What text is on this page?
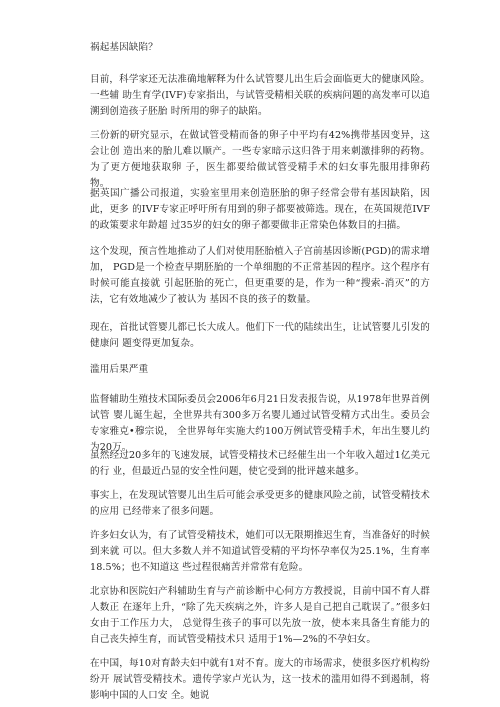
祸起基因缺陷？

目前，科学家还无法准确地解释为什么试管婴儿出生后会面临更大的健康风险。一些辅 助生育学(IVF)专家指出，与试管受精相关联的疾病问题的高发率可以追溯到创造孩子胚胎 时所用的卵子的缺陷。

三份新的研究显示，在做试管受精而备的卵子中平均有42%携带基因变异，这会让创 造出来的胎儿难以顺产。一些专家暗示这归咎于用来刺激排卵的药物。为了更方便地获取卵 子，医生都要给做试管受精手术的妇女事先服用排卵药物。

据英国广播公司报道，实验室里用来创造胚胎的卵子经常会带有基因缺陷，因此，更多 的IVF专家正呼吁所有用到的卵子都要被筛选。现在，在英国规范IVF的政策要求年龄超 过35岁的妇女的卵子都要做非正常染色体数目的扫描。

这个发现，预言性地推动了人们对使用胚胎植入子宫前基因诊断(PGD)的需求增加， PGD是一个检查早期胚胎的一个单细胞的不正常基因的程序。这个程序有时候可能直接就 引起胚胎的死亡，但更重要的是，作为一种“搜索-消灭”的方法，它有效地减少了被认为 基因不良的孩子的数量。

现在，首批试管婴儿都已长大成人。他们下一代的陆续出生，让试管婴儿引发的健康问 题变得更加复杂。

滥用后果严重

监督辅助生殖技术国际委员会2006年6月21日发表报告说，从1978年世界首例试管 婴儿诞生起，全世界共有300多万名婴儿通过试管受精方式出生。委员会专家雅克•穆宗说， 全世界每年实施大约100万例试管受精手术，年出生婴儿约为20万。

虽然经过20多年的飞速发展，试管受精技术已经催生出一个年收入超过1亿美元的行 业，但最近凸显的安全性问题，使它受到的批评越来越多。

事实上，在发现试管婴儿出生后可能会承受更多的健康风险之前，试管受精技术的应用 已经带来了很多问题。

许多妇女认为，有了试管受精技术，她们可以无限期推迟生育，当准备好的时候到来就 可以。但大多数人并不知道试管受精的平均怀孕率仅为25.1%，生育率18.5%；也不知道这 些过程很痛苦并常常有危险。

北京协和医院妇产科辅助生育与产前诊断中心何方方教授说，目前中国不育人群人数正 在逐年上升，“除了先天疾病之外，许多人是自己把自己耽误了。”很多妇女由于工作压力大， 总觉得生孩子的事可以先放一放，使本来具备生育能力的自己丧失掉生育，而试管受精技术只 适用于1%—2%的不孕妇女。

在中国，每10对育龄夫妇中就有1对不育。庞大的市场需求，使很多医疗机构纷纷开 展试管受精技术。遗传学家卢光认为，这一技术的滥用如得不到遏制，将影响中国的人口安 全。她说
